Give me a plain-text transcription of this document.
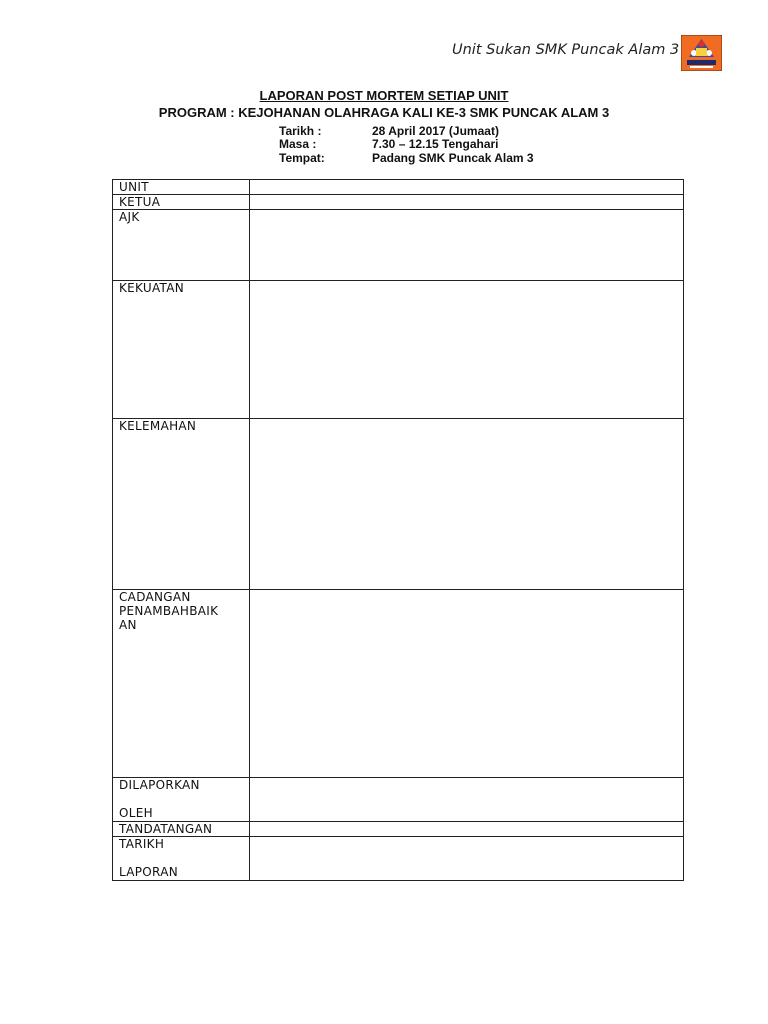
Unit Sukan SMK Puncak Alam 3
LAPORAN POST MORTEM SETIAP UNIT
PROGRAM : KEJOHANAN OLAHRAGA KALI KE-3 SMK PUNCAK ALAM 3
Tarikh :	28 April 2017 (Jumaat)
Masa :	7.30 – 12.15 Tengahari
Tempat:	Padang SMK Puncak Alam 3
UNIT	
KETUA	
AJK	
KEKUATAN	
KELEMAHAN	
CADANGAN
PENAMBAHBAIK
AN	
DILAPORKAN
OLEH	
TANDATANGAN	
TARIKH
LAPORAN	
